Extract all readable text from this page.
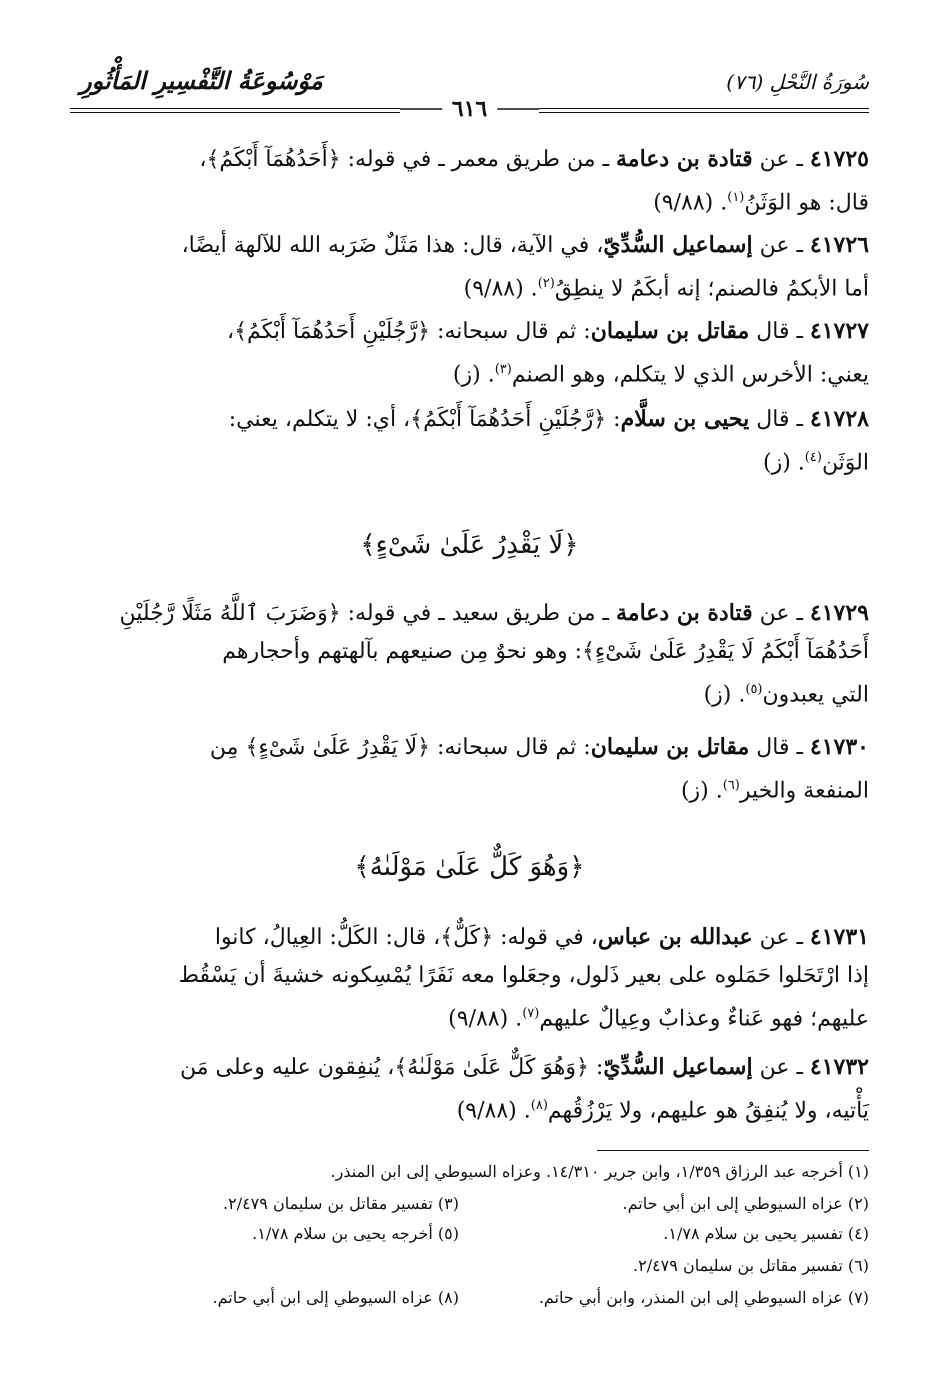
سُورَةُ النَّحْلِ (٧٦)
مَوْسُوعَةُ التَّفْسِيرِ المَأْثُورِ
٦١٦
٤١٧٢٥ ـ عن قتادة بن دعامة ـ من طريق معمر ـ في قوله: ﴿أَحَدُهُمَآ أَبْكَمُ﴾،
قال: هو الوَثَنُ$^{(١)}$. (٩/٨٨)
٤١٧٢٦ ـ عن إسماعيل السُّدِّيّ، في الآية، قال: هذا مَثَلٌ ضَرَبه الله للآلهة أيضًا،
أما الأبكمُ فالصنم؛ إنه أبكَمُ لا ينطِقُ$^{(٢)}$. (٩/٨٨)
٤١٧٢٧ ـ قال مقاتل بن سليمان: ثم قال سبحانه: ﴿رَّجُلَيْنِ أَحَدُهُمَآ أَبْكَمُ﴾،
يعني: الأخرس الذي لا يتكلم، وهو الصنم$^{(٣)}$. (ز)
٤١٧٢٨ ـ قال يحيى بن سلَّام: ﴿رَّجُلَيْنِ أَحَدُهُمَآ أَبْكَمُ﴾، أي: لا يتكلم، يعني:
الوَثَن$^{(٤)}$. (ز)
﴿لَا يَقْدِرُ عَلَىٰ شَىْءٍ﴾
٤١٧٢٩ ـ عن قتادة بن دعامة ـ من طريق سعيد ـ في قوله: ﴿وَضَرَبَ ٱللَّهُ مَثَلًا رَّجُلَيْنِ
أَحَدُهُمَآ أَبْكَمُ لَا يَقْدِرُ عَلَىٰ شَىْءٍ﴾: وهو نحوٌ مِن صنيعهم بآلهتهم وأحجارهم
التي يعبدون$^{(٥)}$. (ز)
٤١٧٣٠ ـ قال مقاتل بن سليمان: ثم قال سبحانه: ﴿لَا يَقْدِرُ عَلَىٰ شَىْءٍ﴾ مِن
المنفعة والخير$^{(٦)}$. (ز)
﴿وَهُوَ كَلٌّ عَلَىٰ مَوْلَىٰهُ﴾
٤١٧٣١ ـ عن عبدالله بن عباس، في قوله: ﴿كَلٌّ﴾، قال: الكَلُّ: العِيالُ، كانوا
إذا ارْتَحَلوا حَمَلوه على بعير ذَلول، وجعَلوا معه نَفَرًا يُمْسِكونه خشيةَ أن يَسْقُط
عليهم؛ فهو عَناءٌ وعذابٌ وعِيالٌ عليهم$^{(٧)}$. (٩/٨٨)
٤١٧٣٢ ـ عن إسماعيل السُّدِّيّ: ﴿وَهُوَ كَلٌّ عَلَىٰ مَوْلَىٰهُ﴾، يُنفِقون عليه وعلى مَن
يَأْتيه، ولا يُنفِقُ هو عليهم، ولا يَرْزُقُهم$^{(٨)}$. (٩/٨٨)
(١) أخرجه عبد الرزاق ١/٣٥٩، وابن جرير ١٤/٣١٠. وعزاه السيوطي إلى ابن المنذر.
(٢) عزاه السيوطي إلى ابن أبي حاتم.
(٣) تفسير مقاتل بن سليمان ٢/٤٧٩.
(٤) تفسير يحيى بن سلام ١/٧٨.
(٥) أخرجه يحيى بن سلام ١/٧٨.
(٦) تفسير مقاتل بن سليمان ٢/٤٧٩.
(٧) عزاه السيوطي إلى ابن المنذر، وابن أبي حاتم.
(٨) عزاه السيوطي إلى ابن أبي حاتم.
